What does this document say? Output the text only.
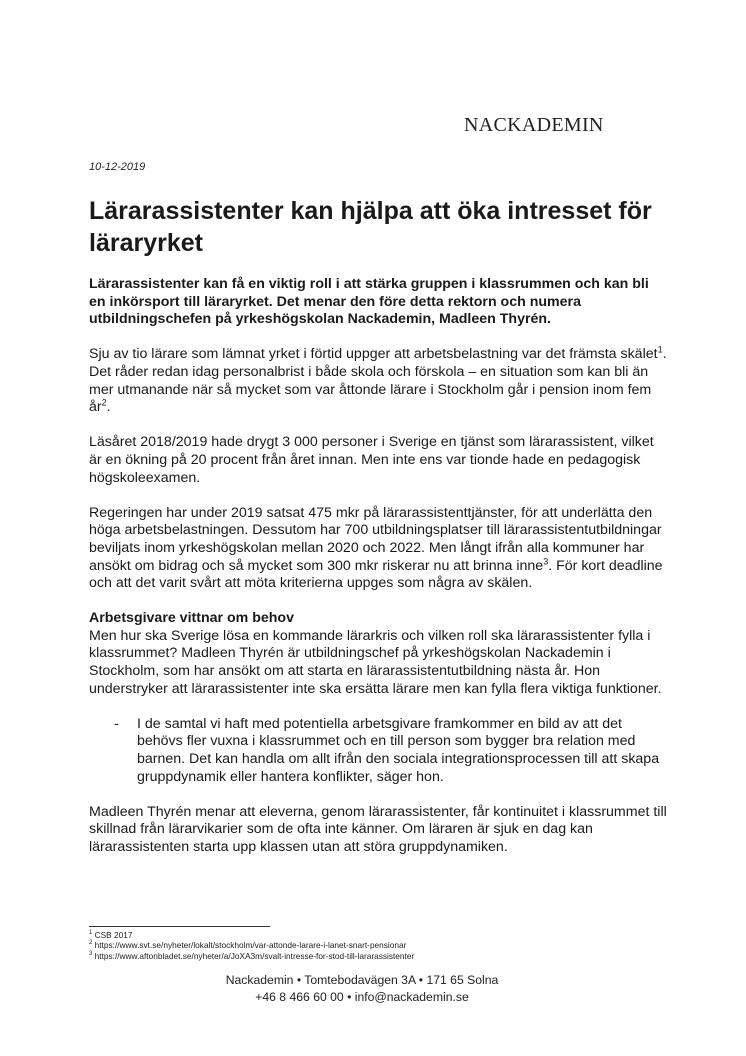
NACKADEMIN
10-12-2019
Lärarassistenter kan hjälpa att öka intresset för läraryrket

Lärarassistenter kan få en viktig roll i att stärka gruppen i klassrummen och kan bli en inkörsport till läraryrket. Det menar den före detta rektorn och numera utbildningschefen på yrkeshögskolan Nackademin, Madleen Thyrén.

Sju av tio lärare som lämnat yrket i förtid uppger att arbetsbelastning var det främsta skälet$^1$. Det råder redan idag personalbrist i både skola och förskola – en situation som kan bli än mer utmanande när så mycket som var åttonde lärare i Stockholm går i pension inom fem $år^2$.

Läsåret 2018/2019 hade drygt 3 000 personer i Sverige en tjänst som lärarassistent, vilket är en ökning på 20 procent från året innan. Men inte ens var tionde hade en pedagogisk högskoleexamen.

Regeringen har under 2019 satsat 475 mkr på lärarassistenttjänster, för att underlätta den höga arbetsbelastningen. Dessutom har 700 utbildningsplatser till lärarassistentutbildningar beviljats inom yrkeshögskolan mellan 2020 och 2022. Men långt ifrån alla kommuner har ansökt om bidrag och så mycket som 300 mkr riskerar nu att brinna inne$^3$. För kort deadline och att det varit svårt att möta kriterierna uppges som några av skälen.

Arbetsgivare vittnar om behov
Men hur ska Sverige lösa en kommande lärarkris och vilken roll ska lärarassistenter fylla i klassrummet? Madleen Thyrén är utbildningschef på yrkeshögskolan Nackademin i Stockholm, som har ansökt om att starta en lärarassistentutbildning nästa år. Hon understryker att lärarassistenter inte ska ersätta lärare men kan fylla flera viktiga funktioner.

-	I de samtal vi haft med potentiella arbetsgivare framkommer en bild av att det behövs fler vuxna i klassrummet och en till person som bygger bra relation med barnen. Det kan handla om allt ifrån den sociala integrationsprocessen till att skapa gruppdynamik eller hantera konflikter, säger hon.

Madleen Thyrén menar att eleverna, genom lärarassistenter, får kontinuitet i klassrummet till skillnad från lärarvikarier som de ofta inte känner. Om läraren är sjuk en dag kan lärarassistenten starta upp klassen utan att störa gruppdynamiken.

$^1$ CSB 2017
$^2$ https://www.svt.se/nyheter/lokalt/stockholm/var-attonde-larare-i-lanet-snart-pensionar
$^3$ https://www.aftonbladet.se/nyheter/a/JoXA3m/svalt-intresse-for-stod-till-lararassistenter
Nackademin • Tomtebodavägen 3A • 171 65 Solna
+46 8 466 60 00 • info@nackademin.se
